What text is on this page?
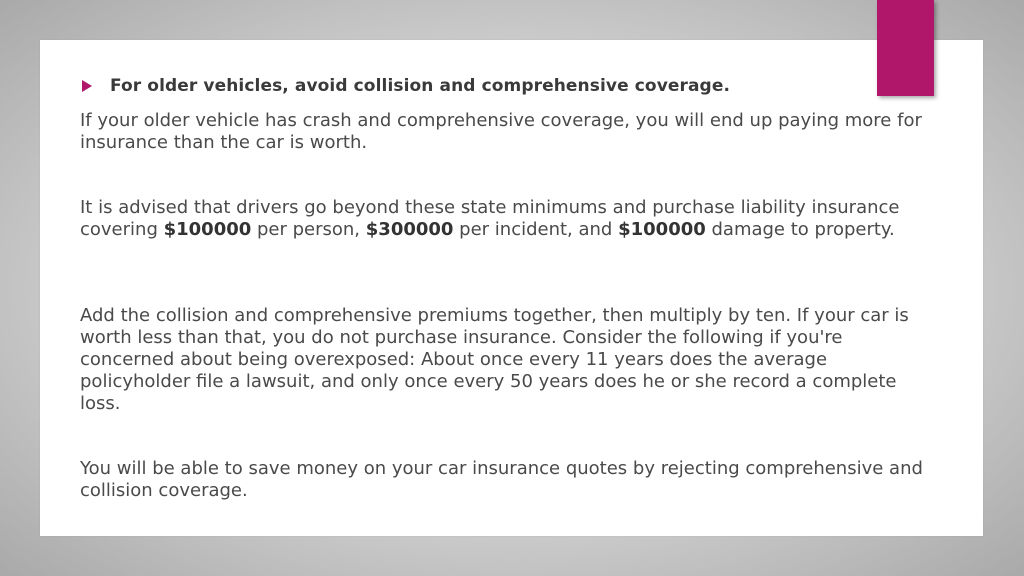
For older vehicles, avoid collision and comprehensive coverage.
If your older vehicle has crash and comprehensive coverage, you will end up paying more for insurance than the car is worth.
It is advised that drivers go beyond these state minimums and purchase liability insurance covering $100000 per person, $300000 per incident, and $100000 damage to property.
Add the collision and comprehensive premiums together, then multiply by ten. If your car is worth less than that, you do not purchase insurance. Consider the following if you're concerned about being overexposed: About once every 11 years does the average policyholder file a lawsuit, and only once every 50 years does he or she record a complete loss.
You will be able to save money on your car insurance quotes by rejecting comprehensive and collision coverage.
